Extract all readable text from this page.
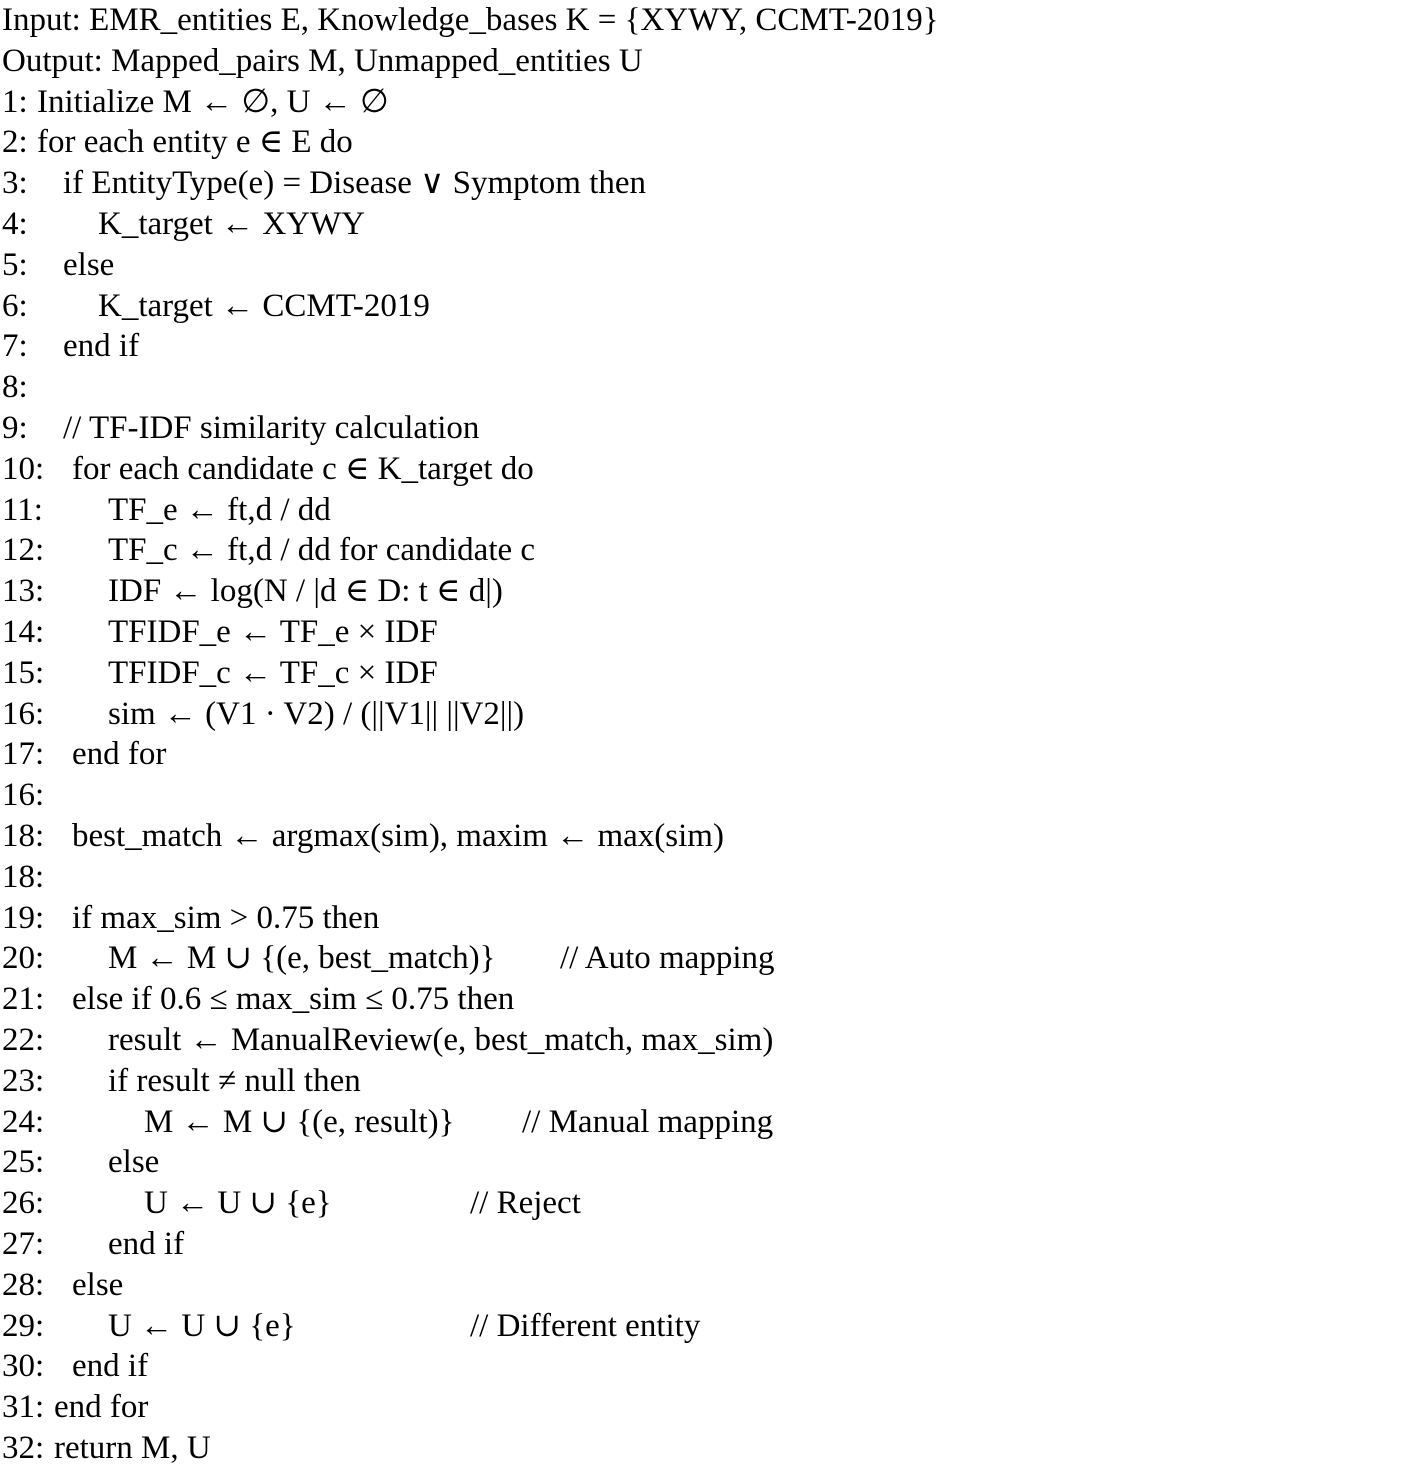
Input: EMR_entities E, Knowledge_bases K = {XYWY, CCMT-2019}

Output: Mapped_pairs M, Unmapped_entities U

1: Initialize M ← ∅, U ← ∅
2: for each entity e ∈ E do
3: if EntityType(e) = Disease ∨ Symptom then
4: K_target ← XYWY
5: else
6: K_target ← CCMT-2019
7: end if
8:
9: // TF-IDF similarity calculation
10: for each candidate c ∈ K_target do
11: TF_e ← ft,d / dd
12: TF_c ← ft,d / dd for candidate c
13: IDF ← log(N / |d ∈ D: t ∈ d|)
14: TFIDF_e ← TF_e × IDF
15: TFIDF_c ← TF_c × IDF
16: sim ← (V1 · V2) / (||V1|| ||V2||)
17: end for
16:
18: best_match ← argmax(sim), maxim ← max(sim)
18:
19: if max_sim > 0.75 then
20: M ← M ∪ {(e, best_match)} // Auto mapping
21: else if 0.6 ≤ max_sim ≤ 0.75 then
22: result ← ManualReview(e, best_match, max_sim)
23: if result ≠ null then
24:	M ← M ∪ {(e, result)} // Manual mapping
25: else
26:	U ← U ∪ {e}	// Reject
27: end if
28: else
29: U ← U ∪ {e}	// Different entity
30: end if
31: end for
32: return M, U
